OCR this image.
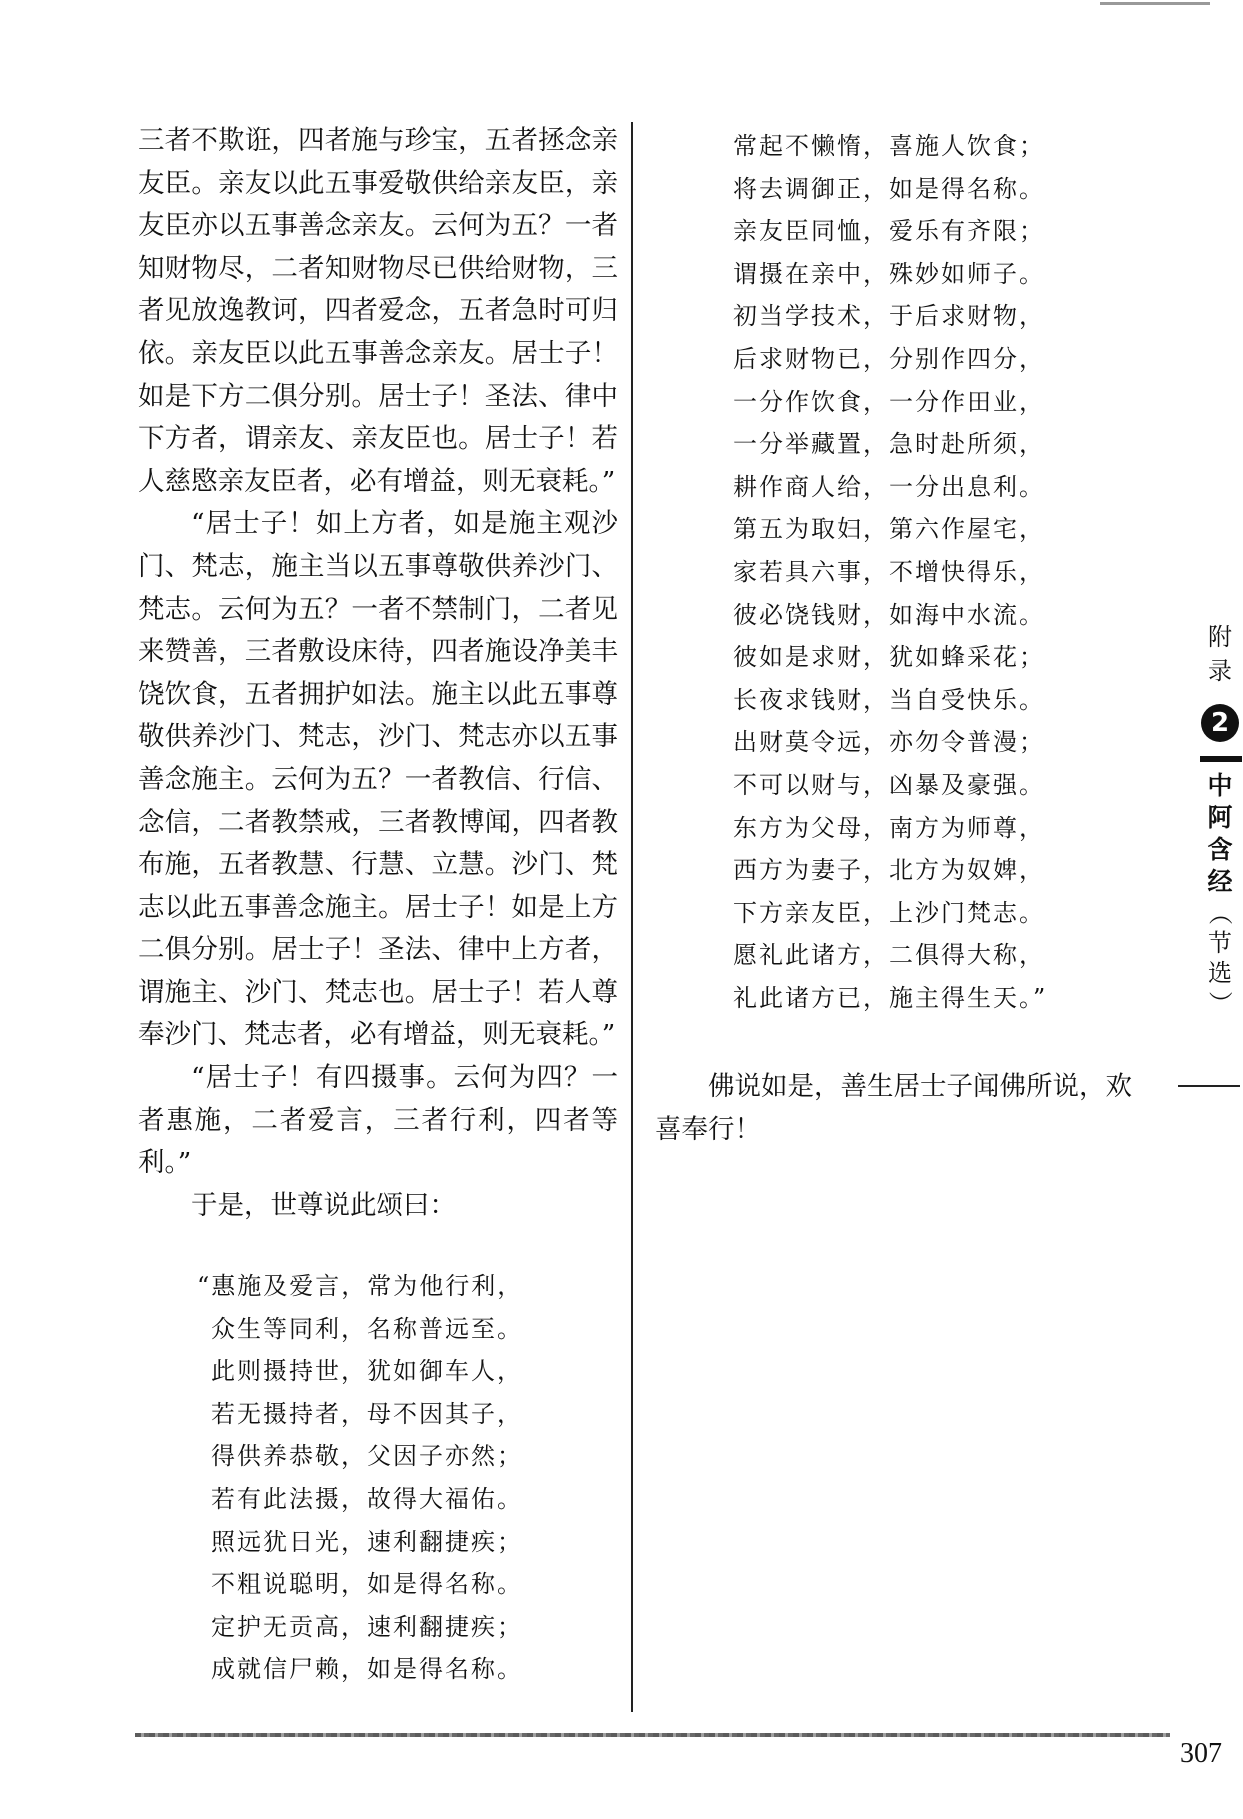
三者不欺诳，四者施与珍宝，五者拯念亲友臣。亲友以此五事爱敬供给亲友臣，亲友臣亦以五事善念亲友。云何为五？一者知财物尽，二者知财物尽已供给财物，三者见放逸教诃，四者爱念，五者急时可归依。亲友臣以此五事善念亲友。居士子！如是下方二俱分别。居士子！圣法、律中下方者，谓亲友、亲友臣也。居士子！若人慈愍亲友臣者，必有增益，则无衰耗。”

“居士子！如上方者，如是施主观沙门、梵志，施主当以五事尊敬供养沙门、梵志。云何为五？一者不禁制门，二者见来赞善，三者敷设床待，四者施设净美丰饶饮食，五者拥护如法。施主以此五事尊敬供养沙门、梵志，沙门、梵志亦以五事善念施主。云何为五？一者教信、行信、念信，二者教禁戒，三者教博闻，四者教布施，五者教慧、行慧、立慧。沙门、梵志以此五事善念施主。居士子！如是上方二俱分别。居士子！圣法、律中上方者，谓施主、沙门、梵志也。居士子！若人尊奉沙门、梵志者，必有增益，则无衰耗。”

“居士子！有四摄事。云何为四？一者惠施，二者爱言，三者行利，四者等利。”

于是，世尊说此颂曰：

“惠施及爱言，常为他行利，
众生等同利，名称普远至。
此则摄持世，犹如御车人，
若无摄持者，母不因其子，
得供养恭敬，父因子亦然；
若有此法摄，故得大福佑。
照远犹日光，速利翻捷疾；
不粗说聪明，如是得名称。
定护无贡高，速利翻捷疾；
成就信尸赖，如是得名称。
常起不懒惰，喜施人饮食；
将去调御正，如是得名称。
亲友臣同恤，爱乐有齐限；
谓摄在亲中，殊妙如师子。
初当学技术，于后求财物，
后求财物已，分别作四分，
一分作饮食，一分作田业，
一分举藏置，急时赴所须，
耕作商人给，一分出息利。
第五为取妇，第六作屋宅，
家若具六事，不增快得乐，
彼必饶钱财，如海中水流。
彼如是求财，犹如蜂采花；
长夜求钱财，当自受快乐。
出财莫令远，亦勿令普漫；
不可以财与，凶暴及豪强。
东方为父母，南方为师尊，
西方为妻子，北方为奴婢，
下方亲友臣，上沙门梵志。
愿礼此诸方，二俱得大称，
礼此诸方已，施主得生天。”
佛说如是，善生居士子闻佛所说，欢喜奉行！
附
录
2
中
阿
含
经
（
节
选
）
307
